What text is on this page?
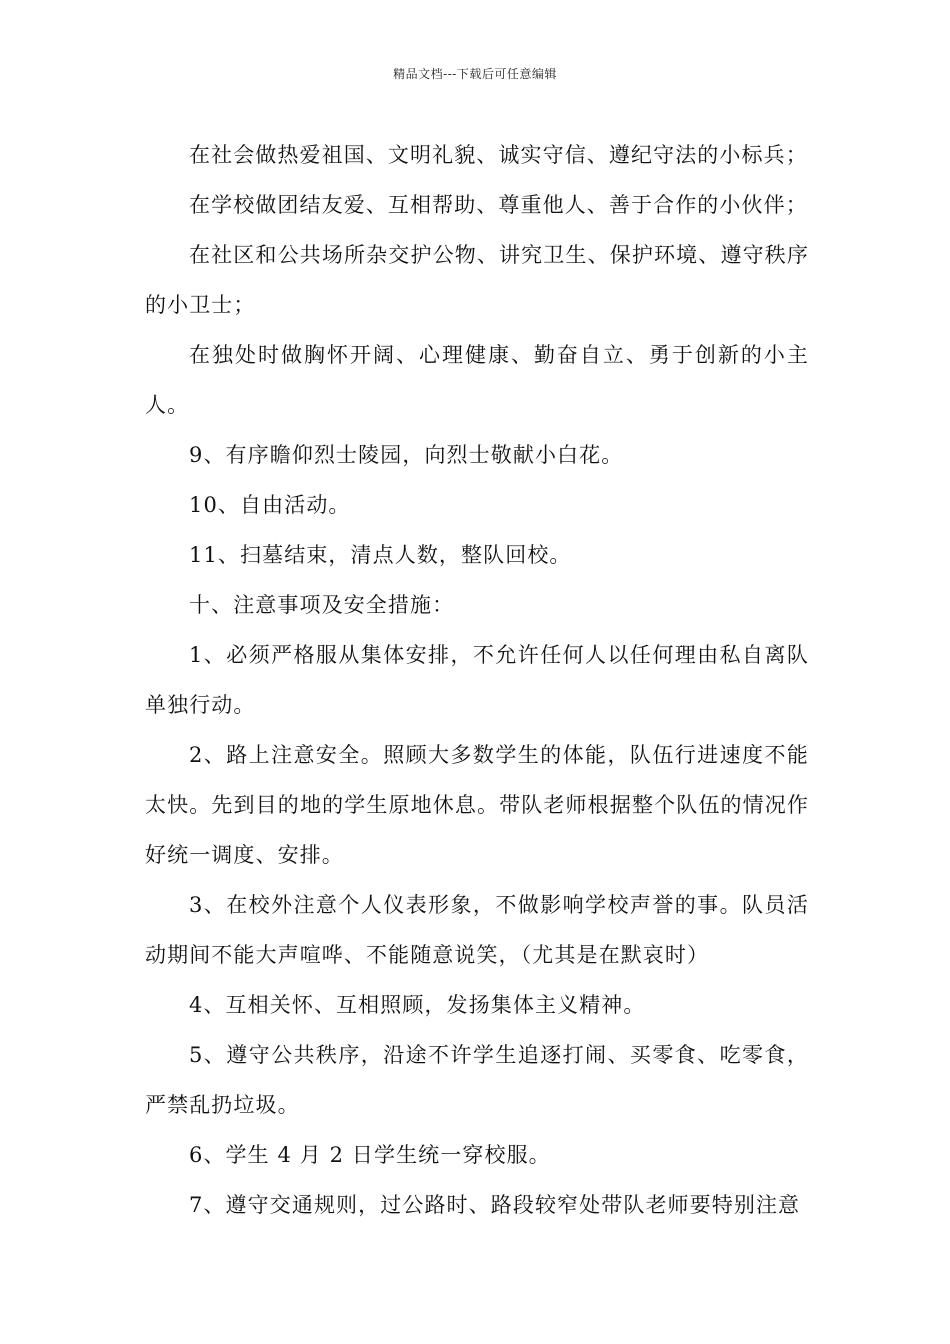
精品文档---下载后可任意编辑

在社会做热爱祖国、文明礼貌、诚实守信、遵纪守法的小标兵；

在学校做团结友爱、互相帮助、尊重他人、善于合作的小伙伴；

在社区和公共场所杂交护公物、讲究卫生、保护环境、遵守秩序的小卫士；

在独处时做胸怀开阔、心理健康、勤奋自立、勇于创新的小主人。

9、有序瞻仰烈士陵园，向烈士敬献小白花。

10、自由活动。

11、扫墓结束，清点人数，整队回校。

十、注意事项及安全措施：

1、必须严格服从集体安排，不允许任何人以任何理由私自离队单独行动。

2、路上注意安全。照顾大多数学生的体能，队伍行进速度不能太快。先到目的地的学生原地休息。带队老师根据整个队伍的情况作好统一调度、安排。

3、在校外注意个人仪表形象，不做影响学校声誉的事。队员活动期间不能大声喧哗、不能随意说笑，（尤其是在默哀时）

4、互相关怀、互相照顾，发扬集体主义精神。

5、遵守公共秩序，沿途不许学生追逐打闹、买零食、吃零食，严禁乱扔垃圾。

6、学生 4 月 2 日学生统一穿校服。

7、遵守交通规则，过公路时、路段较窄处带队老师要特别注意
